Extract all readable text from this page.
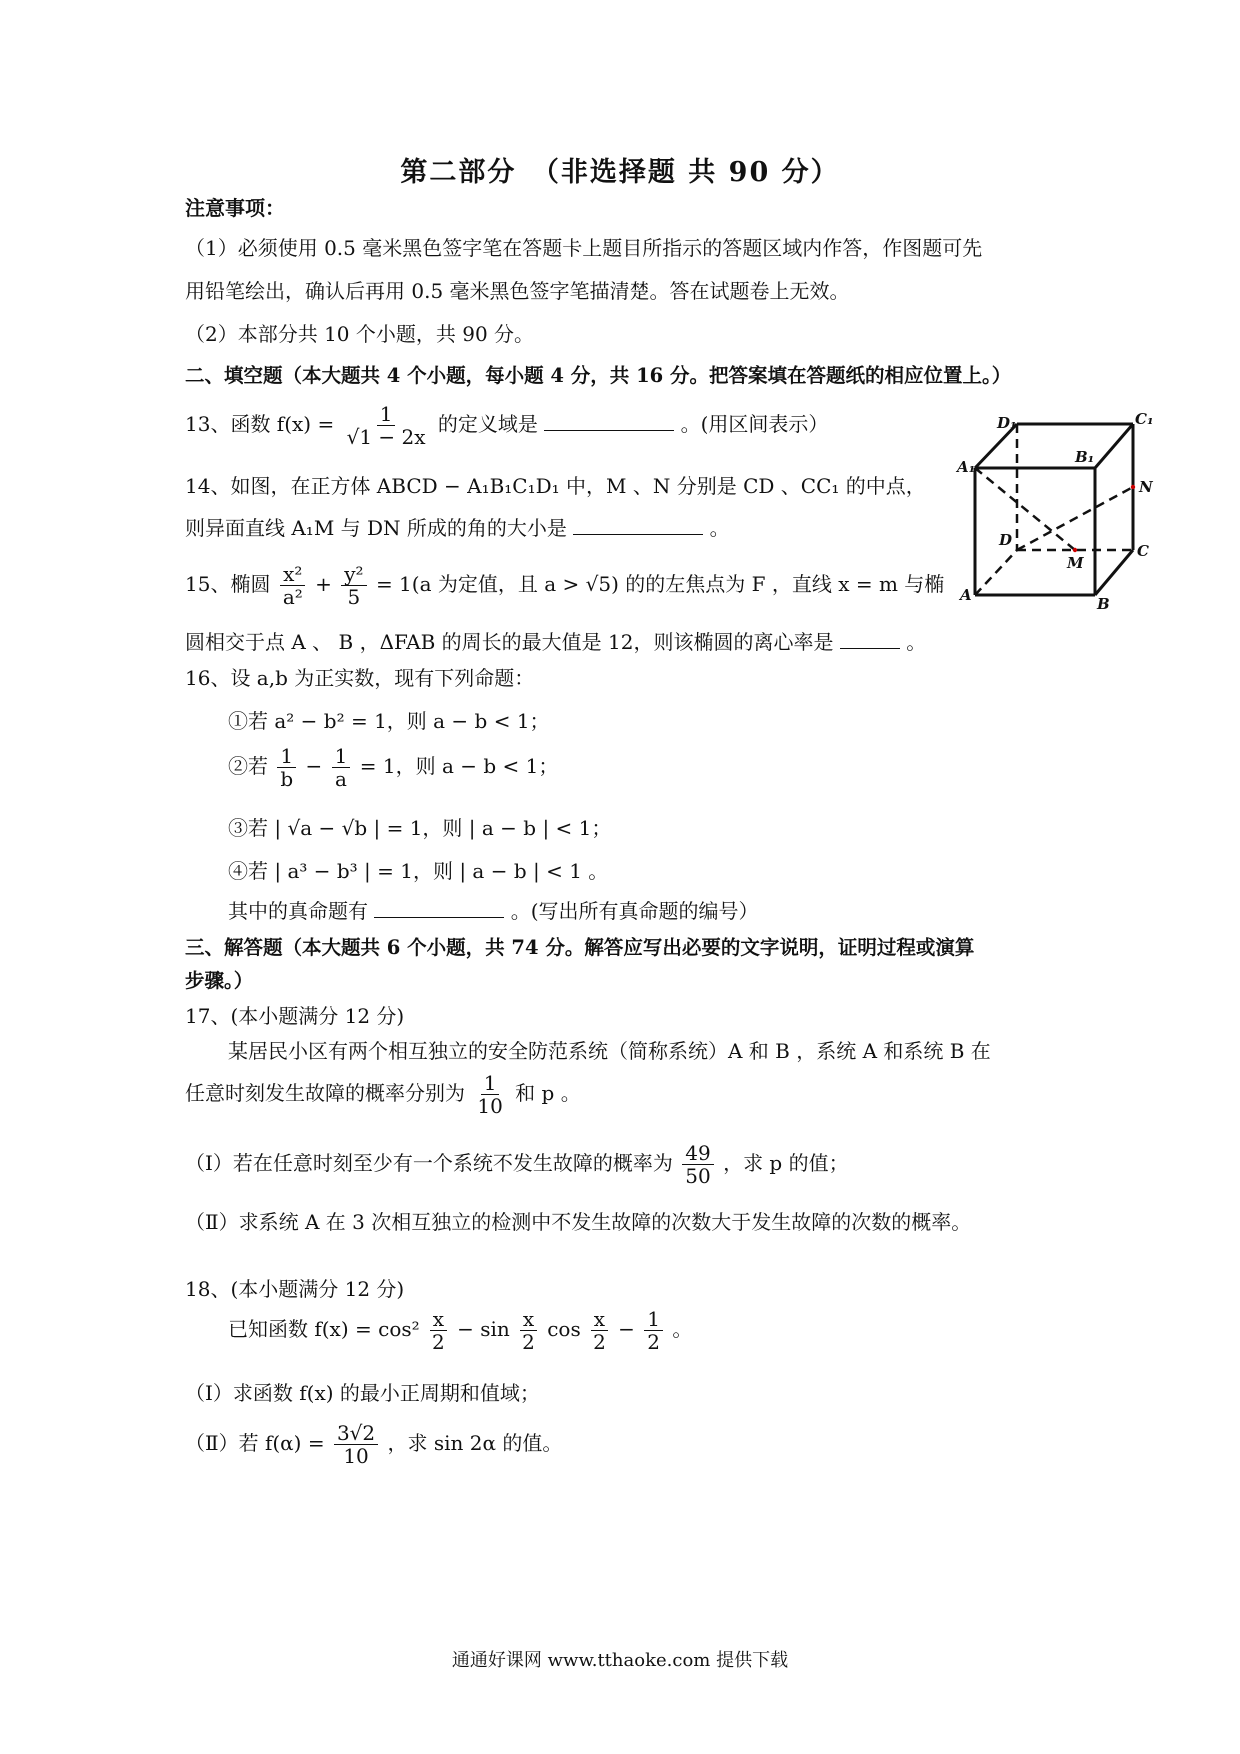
第二部分　（非选择题 共 90 分）
注意事项：
（1）必须使用 0.5 毫米黑色签字笔在答题卡上题目所指示的答题区域内作答，作图题可先
用铅笔绘出，确认后再用 0.5 毫米黑色签字笔描清楚。答在试题卷上无效。
（2）本部分共 10 个小题，共 90 分。
二、填空题（本大题共 4 个小题，每小题 4 分，共 16 分。把答案填在答题纸的相应位置上。）
13、函数 $f(x) = \frac{1}{√1 - 2x}$ 的定义域是	。(用区间表示）
14、如图，在正方体 ABCD − A₁B₁C₁D₁ 中，M 、N 分别是 CD 、CC₁ 的中点，
则异面直线 A₁M 与 DN 所成的角的大小是	。
15、椭圆 $\frac{\text{x²}}{\text{a²}} + \frac{\text{y²}}{5} = 1(a$ 为定值，且 a > √5) 的的左焦点为 F ，直线 x = m 与椭
圆相交于点 A 、 B ，ΔFAB 的周长的最大值是 12，则该椭圆的离心率是	。
16、设 a,b 为正实数，现有下列命题：
①若 a² − b² = 1，则 a − b < 1；
②若 $\frac{1}{b} - \frac{1}{a} = 1$，则 a − b < 1；
③若 | √a − √b | = 1，则 | a − b | < 1；
④若 | a³ − b³ | = 1，则 | a − b | < 1 。
其中的真命题有	。(写出所有真命题的编号）
三、解答题（本大题共 6 个小题，共 74 分。解答应写出必要的文字说明，证明过程或演算
步骤。）
17、(本小题满分 12 分)
某居民小区有两个相互独立的安全防范系统（简称系统）A 和 B ，系统 A 和系统 B 在
任意时刻发生故障的概率分别为 $\frac{1}{10}$ 和 p 。
（Ⅰ）若在任意时刻至少有一个系统不发生故障的概率为 $\frac{49}{50}$ ，求 p 的值；
（Ⅱ）求系统 A 在 3 次相互独立的检测中不发生故障的次数大于发生故障的次数的概率。
18、(本小题满分 12 分)
已知函数 $f(x) = \cos^2 \frac{x}{2} - \sin \frac{x}{2}$ $\cos \frac{x}{2} - \frac{1}{2}$ 。
（Ⅰ）求函数 f(x) 的最小正周期和值域；
（Ⅱ）若 $f(\alpha) = \frac{3√2}{10}$ ，求 sin 2α 的值。
D₁	C₁
A₁
B₁
N
D
M
C
A	B
通通好课网 www.tthaoke.com 提供下载
